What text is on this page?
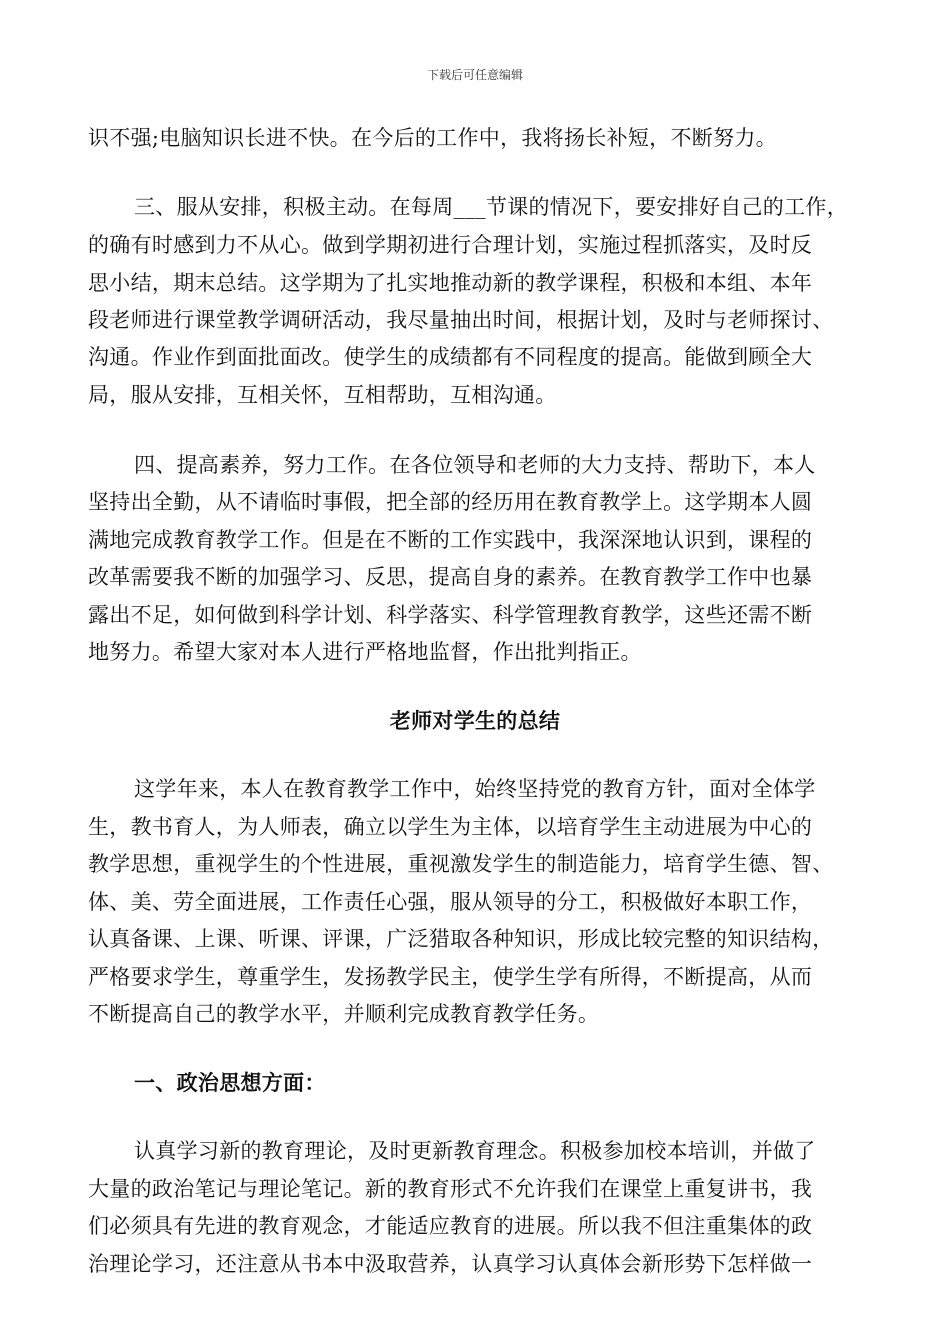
下载后可任意编辑
识不强;电脑知识长进不快。在今后的工作中，我将扬长补短，不断努力。
三、服从安排，积极主动。在每周___节课的情况下，要安排好自己的工作，
的确有时感到力不从心。做到学期初进行合理计划，实施过程抓落实，及时反
思小结，期末总结。这学期为了扎实地推动新的教学课程，积极和本组、本年
段老师进行课堂教学调研活动，我尽量抽出时间，根据计划，及时与老师探讨、
沟通。作业作到面批面改。使学生的成绩都有不同程度的提高。能做到顾全大
局，服从安排，互相关怀，互相帮助，互相沟通。
四、提高素养，努力工作。在各位领导和老师的大力支持、帮助下，本人
坚持出全勤，从不请临时事假，把全部的经历用在教育教学上。这学期本人圆
满地完成教育教学工作。但是在不断的工作实践中，我深深地认识到，课程的
改革需要我不断的加强学习、反思，提高自身的素养。在教育教学工作中也暴
露出不足，如何做到科学计划、科学落实、科学管理教育教学，这些还需不断
地努力。希望大家对本人进行严格地监督，作出批判指正。
老师对学生的总结
这学年来，本人在教育教学工作中，始终坚持党的教育方针，面对全体学
生，教书育人，为人师表，确立以学生为主体，以培育学生主动进展为中心的
教学思想，重视学生的个性进展，重视激发学生的制造能力，培育学生德、智、
体、美、劳全面进展，工作责任心强，服从领导的分工，积极做好本职工作，
认真备课、上课、听课、评课，广泛猎取各种知识，形成比较完整的知识结构，
严格要求学生，尊重学生，发扬教学民主，使学生学有所得，不断提高，从而
不断提高自己的教学水平，并顺利完成教育教学任务。
一、政治思想方面：
认真学习新的教育理论，及时更新教育理念。积极参加校本培训，并做了
大量的政治笔记与理论笔记。新的教育形式不允许我们在课堂上重复讲书，我
们必须具有先进的教育观念，才能适应教育的进展。所以我不但注重集体的政
治理论学习，还注意从书本中汲取营养，认真学习认真体会新形势下怎样做一
